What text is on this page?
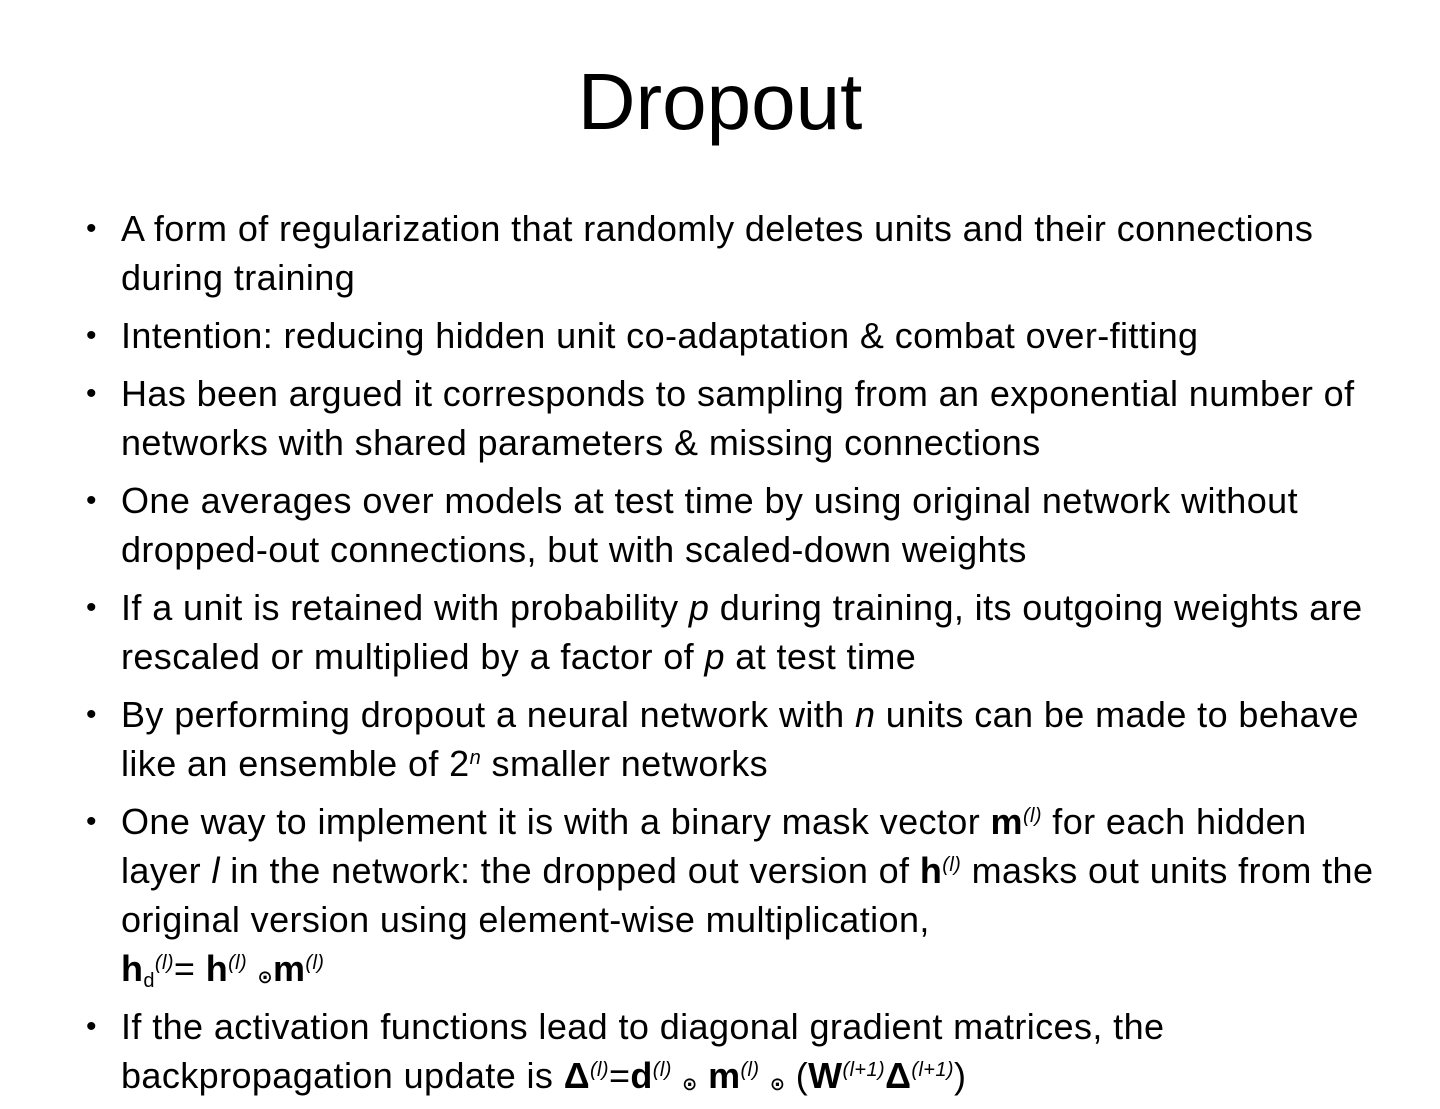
Dropout
• A form of regularization that randomly deletes units and their connections during training
• Intention: reducing hidden unit co-adaptation & combat over-fitting
• Has been argued it corresponds to sampling from an exponential number of networks with shared parameters & missing connections
• One averages over models at test time by using original network without dropped-out connections, but with scaled-down weights
• If a unit is retained with probability p during training, its outgoing weights are rescaled or multiplied by a factor of p at test time
• By performing dropout a neural network with n units can be made to behave like an ensemble of 2$^n$ smaller networks
• One way to implement it is with a binary mask vector $m^{(l)}$ for each hidden layer l in the network: the dropped out version of $h^{(l)}$ masks out units from the original version using element-wise multiplication,
$h_d^{(l)}= h^{(l)}$ $⊙m^{(l)}$
• If the activation functions lead to diagonal gradient matrices, the backpropagation update is $\Delta^{(l)}=d^{(l)}$ ⊙ $m^{(l)}$ ⊙ $(W^{(l+1)}\Delta^{(l+1)})$
